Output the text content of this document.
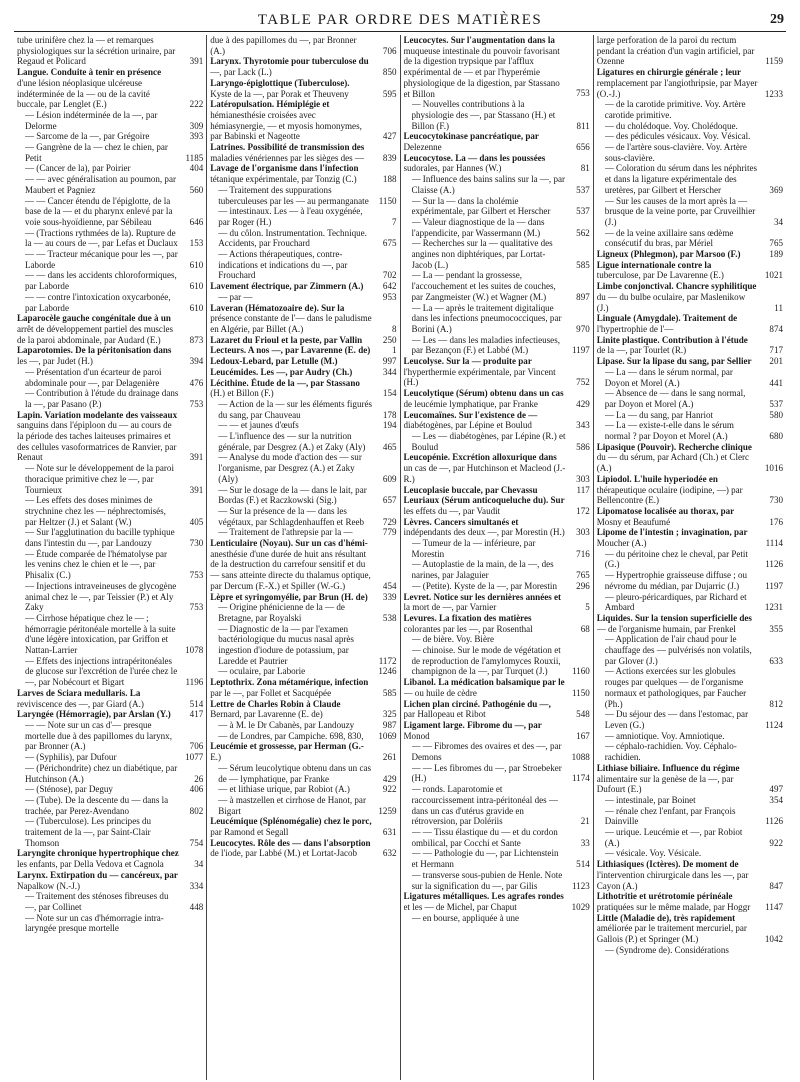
TABLE PAR ORDRE DES MATIÈRES	29
tube urinifère chez la — et remarques physiologiques sur la sécrétion urinaire, par Regaud et Policard	391
Langue. Conduite à tenir en présence d'une lésion néoplasique ulcéreuse indéterminée de la — ou de la cavité buccale, par Lenglet (E.)	222
— Lésion indéterminée de la —, par Delorme	309
— Sarcome de la —, par Grégoire	393
— Gangrène de la — chez le chien, par Petit	1185
— (Cancer de la), par Poirier	404
— — avec généralisation au poumon, par Maubert et Pagniez	560
— — Cancer étendu de l'épiglotte, de la base de la — et du pharynx enlevé par la voie sous-hyoïdienne, par Sébileau	646
— (Tractions rythmées de la). Rupture de la — au cours de —, par Lefas et Duclaux	153
— — Tracteur mécanique pour les —, par Laborde	610
— — dans les accidents chloroformiques, par Laborde	610
— — contre l'intoxication oxycarbonée, par Laborde	610
Laparocèle gauche congénitale due à un arrêt de développement partiel des muscles de la paroi abdominale, par Audard (E.)	873
Laparotomies. De la péritonisation dans les —, par Judet (H.)	394
— Présentation d'un écarteur de paroi abdominale pour —, par Delagenière	476
— Contribution à l'étude du drainage dans la —, par Pasano (P.)	753
Lapin. Variation modelante des vaisseaux sanguins dans l'épiploon du — au cours de la période des taches laiteuses primaires et des cellules vasoformatrices de Ranvier, par Renaut	391
— Note sur le développement de la paroi thoracique primitive chez le —, par Tournieux	391
— Les effets des doses minimes de strychnine chez les — néphrectomisés, par Heltzer (J.) et Salant (W.)	405
— Sur l'agglutination du bacille typhique dans l'intestin du —, par Landouzy	730
— Étude comparée de l'hématolyse par les venins chez le chien et le —, par Phisalix (C.)	753
— Injections intraveineuses de glycogène animal chez le —, par Teissier (P.) et Aly Zaky	753
— Cirrhose hépatique chez le — ; hémorragie péritonéale mortelle à la suite d'une légère intoxication, par Griffon et Nattan-Larrier	1078
— Effets des injections intrapéritonéales de glucose sur l'excrétion de l'urée chez le —, par Nobécourt et Bigart	1196
Larves de Sciara medullaris. La reviviscence des —, par Giard (A.)	514
Laryngée (Hémorragie), par Arslan (Y.)	417
— — Note sur un cas d'— presque mortelle due à des papillomes du larynx, par Bronner (A.)	706
— (Syphilis), par Dufour	1077
— (Périchondrite) chez un diabétique, par Hutchinson (A.)	26
— (Sténose), par Deguy	406
— (Tube). De la descente du — dans la trachée, par Perez-Avendano	802
— (Tuberculose). Les principes du traitement de la —, par Saint-Clair Thomson	754
Laryngite chronique hypertrophique chez les enfants, par Della Vedova et Cagnola	34
Larynx. Extirpation du — cancéreux, par Napalkow (N.-J.)	334
— Traitement des sténoses fibreuses du —, par Collinet	448
— Note sur un cas d'hémorragie intra-laryngée presque mortelle
due à des papillomes du —, par Bronner (A.)	706
Larynx. Thyrotomie pour tuberculose du —, par Lack (L.)	850
Laryngo-épiglottique (Tuberculose). Kyste de la —, par Porak et Theuveny	595
Latéropulsation. Hémiplégie et hémianesthésie croisées avec hémiasynergie, — et myosis homonymes, par Babinski et Nageotte	427
Latrines. Possibilité de transmission des maladies vénériennes par les sièges des —	839
Lavage de l'organisme dans l'infection tétanique expérimentale, par Tonzig (C.)	188
— Traitement des suppurations tuberculeuses par les — au permanganate	1150
— intestinaux. Les — à l'eau oxygénée, par Roger (H.)	7
— du côlon. Instrumentation. Technique. Accidents, par Frouchard	675
— Actions thérapeutiques, contre-indications et indications du —, par Frouchard	702
Lavement électrique, par Zimmern (A.)	642
— par —	953
Laveran (Hématozoaire de). Sur la présence constante de l'— dans le paludisme en Algérie, par Billet (A.)	8
Lazaret du Frioul et la peste, par Vallin	250
Lecteurs. A nos —, par Lavarenne (E. de)	1
Ledoux-Lebard, par Letulle (M.)	997
Leucémides. Les —, par Audry (Ch.)	344
Lécithine. Étude de la —, par Stassano (H.) et Billon (F.)	154
— Action de la — sur les éléments figurés du sang, par Chauveau	178
— — et jaunes d'œufs	194
— L'influence des — sur la nutrition générale, par Desgrez (A.) et Zaky (Aly)	465
— Analyse du mode d'action des — sur l'organisme, par Desgrez (A.) et Zaky (Aly)	609
— Sur le dosage de la — dans le lait, par Bordas (F.) et Raczkowski (Sig.)	657
— Sur la présence de la — dans les végétaux, par Schlagdenhauffen et Reeb	729
— Traitement de l'athrepsie par la —	779
Lenticulaire (Noyau). Sur un cas d'hémi-anesthésie d'une durée de huit ans résultant de la destruction du carrefour sensitif et du — sans atteinte directe du thalamus optique, par Dercum (F.-X.) et Spiller (W.-G.)	454
Lèpre et syringomyélie, par Brun (H. de)	339
— Origine phénicienne de la — de Bretagne, par Royalski	538
— Diagnostic de la — par l'examen bactériologique du mucus nasal après ingestion d'iodure de potassium, par Laredde et Pautrier	1172
— oculaire, par Laborie	1246
Leptothrix. Zona métamérique, infection par le —, par Follet et Sacquépée	585
Lettre de Charles Robin à Claude Bernard, par Lavarenne (E. de)	325
— à M. le Dr Cabanès, par Landouzy	987
— de Londres, par Campiche. 698, 830,	1069
Leucémie et grossesse, par Herman (G.-E.)	261
— Sérum leucolytique obtenu dans un cas de — lymphatique, par Franke	429
— et lithiase urique, par Robiot (A.)	922
— à mastzellen et cirrhose de Hanot, par Bigart	1259
Leucémique (Splénomégalie) chez le porc, par Ramond et Segall	631
Leucocytes. Rôle des — dans l'absorption de l'iode, par Labbé (M.) et Lortat-Jacob	632
Leucocytes. Sur l'augmentation dans la muqueuse intestinale du pouvoir favorisant de la digestion trypsique par l'afflux expérimental de — et par l'hyperémie physiologique de la digestion, par Stassano et Billon	753
— Nouvelles contributions à la physiologie des —, par Stassano (H.) et Billon (F.)	811
Leucocytokinase pancréatique, par Delezenne	656
Leucocytose. La — dans les poussées sudorales, par Hannes (W.)	81
— Influence des bains salins sur la —, par Claisse (A.)	537
— Sur la — dans la cholémie expérimentale, par Gilbert et Herscher	537
— Valeur diagnostique de la — dans l'appendicite, par Wassermann (M.)	562
— Recherches sur la — qualitative des angines non diphtériques, par Lortat-Jacob (L.)	585
— La — pendant la grossesse, l'accouchement et les suites de couches, par Zangmeister (W.) et Wagner (M.)	897
— La — après le traitement digitalique dans les infections pneumococciques, par Borini (A.)	970
— Les — dans les maladies infectieuses, par Bezançon (F.) et Labbé (M.)	1197
Leucolyse. Sur la — produite par l'hyperthermie expérimentale, par Vincent (H.)	752
Leucolytique (Sérum) obtenu dans un cas de leucémie lymphatique, par Franke	429
Leucomaïnes. Sur l'existence de — diabétogènes, par Lépine et Boulud	343
— Les — diabétogènes, par Lépine (R.) et Boulud	586
Leucopénie. Excrétion alloxurique dans un cas de —, par Hutchinson et Macleod (J.-R.)	303
Leucoplasie buccale, par Chevassu	117
Leuriaux (Sérum anticoqueluche du). Sur les effets du —, par Vaudit	172
Lèvres. Cancers simultanés et indépendants des deux —, par Morestin (H.)	303
— Tumeur de la — inférieure, par Morestin	716
— Autoplastie de la main, de la —, des narines, par Jalaguier	765
— (Petite). Kyste de la —, par Morestin	296
Levret. Notice sur les dernières années et la mort de —, par Varnier	5
Levures. La fixation des matières colorantes par les —, par Rosenthal	68
— de bière. Voy. Bière
— chinoise. Sur le mode de végétation et de reproduction de l'amylomyces Rouxii, champignon de la —, par Turquet (J.)	1160
Libanol. La médication balsamique par le — ou huile de cèdre	1150
Lichen plan circiné. Pathogénie du —, par Hallopeau et Ribot	548
Ligament large. Fibrome du —, par Monod	167
— — Fibromes des ovaires et des —, par Demons	1088
— — Les fibromes du —, par Stroebeker (H.)	1174
— ronds. Laparotomie et raccourcissement intra-péritonéal des — dans un cas d'utérus gravide en rétroversion, par Dolériis	21
— — Tissu élastique du — et du cordon ombilical, par Cocchi et Sante	33
— — Pathologie du —, par Lichtenstein et Hermann	514
— transverse sous-pubien de Henle. Note sur la signification du —, par Gilis	1123
Ligatures métalliques. Les agrafes rondes et les — de Michel, par Chaput	1029
— en bourse, appliquée à une
large perforation de la paroi du rectum pendant la création d'un vagin artificiel, par Ozenne	1159
Ligatures en chirurgie générale ; leur remplacement par l'angiothripsie, par Mayer (O.-J.)	1233
— de la carotide primitive. Voy. Artère carotide primitive.
— du cholédoque. Voy. Cholédoque.
— des pédicules vésicaux. Voy. Vésical.
— de l'artère sous-clavière. Voy. Artère sous-clavière.
— Coloration du sérum dans les néphrites et dans la ligature expérimentale des uretères, par Gilbert et Herscher	369
— Sur les causes de la mort après la — brusque de la veine porte, par Cruveilhier (J.)	34
— de la veine axillaire sans œdème consécutif du bras, par Mériel	765
Ligneux (Phlegmon), par Marsoo (F.)	189
Ligue internationale contre la tuberculose, par De Lavarenne (E.)	1021
Limbe conjonctival. Chancre syphilitique du — du bulbe oculaire, par Maslenikow (J.)	11
Linguale (Amygdale). Traitement de l'hypertrophie de l'—	874
Linite plastique. Contribution à l'étude de la —, par Tourlet (R.)	717
Lipase. Sur la lipase du sang, par Sellier	201
— La — dans le sérum normal, par Doyon et Morel (A.)	441
— Absence de — dans le sang normal, par Doyon et Morel (A.)	537
— La — du sang, par Hanriot	580
— La — existe-t-elle dans le sérum normal ? par Doyon et Morel (A.)	680
Lipasique (Pouvoir). Recherche clinique du — du sérum, par Achard (Ch.) et Clerc (A.)	1016
Lipiodol. L'huile hyperiodée en thérapeutique oculaire (iodipine, —) par Bellencontre (E.)	730
Lipomatose localisée au thorax, par Mosny et Beaufumé	176
Lipome de l'intestin ; invagination, par Moucher (A.)	1114
— du péritoine chez le cheval, par Petit (G.)	1126
— Hypertrophie graisseuse diffuse ; ou névrome du médian, par Dujarric (J.)	1197
— pleuro-péricardiques, par Richard et Ambard	1231
Liquides. Sur la tension superficielle des — de l'organisme humain, par Frenkel	355
— Application de l'air chaud pour le chauffage des — pulvérisés non volatils, par Glover (J.)	633
— Actions exercées sur les globules rouges par quelques — de l'organisme normaux et pathologiques, par Faucher (Ph.)	812
— Du séjour des — dans l'estomac, par Leven (G.)	1124
— amniotique. Voy. Amniotique.
— céphalo-rachidien. Voy. Céphalo-rachidien.
Lithiase biliaire. Influence du régime alimentaire sur la genèse de la —, par Dufourt (E.)	497
— intestinale, par Boinet	354
— rénale chez l'enfant, par François Dainville	1126
— urique. Leucémie et —, par Robiot (A.)	922
— vésicale. Voy. Vésicale.
Lithiasiques (Ictères). De moment de l'intervention chirurgicale dans les —, par Cayon (A.)	847
Lithotritie et urétrotomie périnéale pratiquées sur le même malade, par Hoggr	1147
Little (Maladie de), très rapidement améliorée par le traitement mercuriel, par Gallois (P.) et Springer (M.)	1042
— (Syndrome de). Considérations
